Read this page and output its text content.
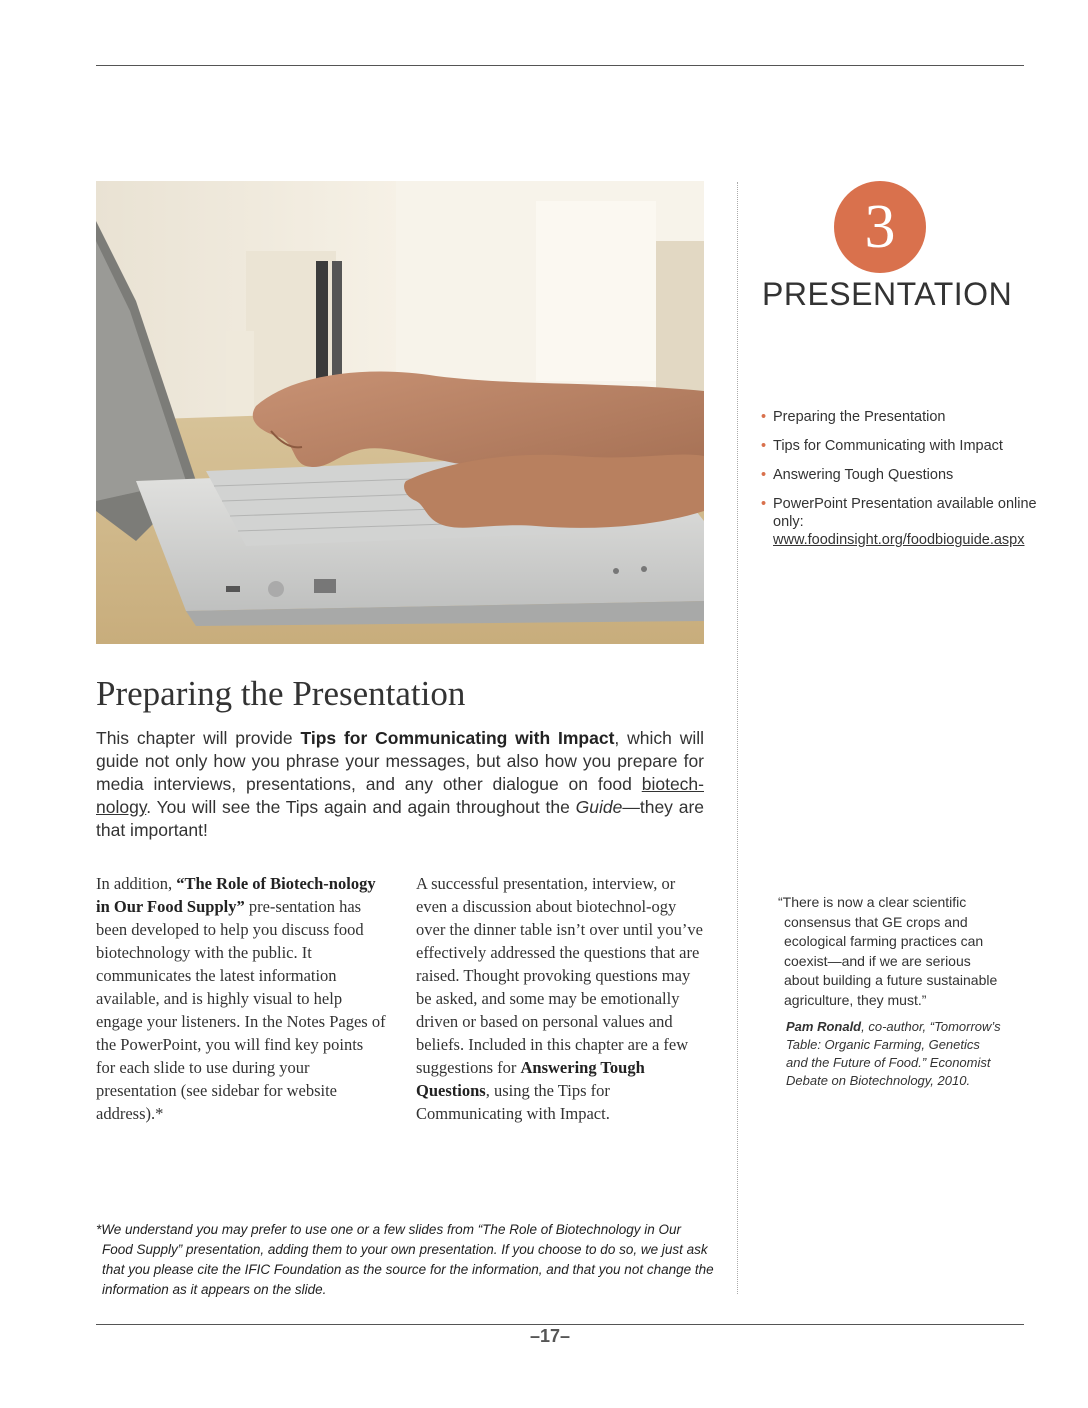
3
PRESENTATION
• Preparing the Presentation
• Tips for Communicating with Impact
• Answering Tough Questions
• PowerPoint Presentation available online only:
www.foodinsight.org/foodbioguide.aspx
Preparing the Presentation

This chapter will provide Tips for Communicating with Impact, which will guide not only how you phrase your messages, but also how you prepare for media interviews, presentations, and any other dialogue on food biotech-nology. You will see the Tips again and again throughout the Guide—they are that important!

In addition, “The Role of Biotech-nology in Our Food Supply” pre-sentation has been developed to help you discuss food biotechnology with the public. It communicates the latest information available, and is highly visual to help engage your listeners. In the Notes Pages of the PowerPoint, you will find key points for each slide to use during your presentation (see sidebar for website address).*

A successful presentation, interview, or even a discussion about biotechnol-ogy over the dinner table isn’t over until you’ve effectively addressed the questions that are raised. Thought provoking questions may be asked, and some may be emotionally driven or based on personal values and beliefs. Included in this chapter are a few suggestions for Answering Tough Questions, using the Tips for Communicating with Impact.

“There is now a clear scientific consensus that GE crops and ecological farming practices can coexist—and if we are serious about building a future sustainable agriculture, they must.”

Pam Ronald, co-author, “Tomorrow’s Table: Organic Farming, Genetics and the Future of Food.” Economist Debate on Biotechnology, 2010.

*We understand you may prefer to use one or a few slides from “The Role of Biotechnology in Our Food Supply” presentation, adding them to your own presentation. If you choose to do so, we just ask that you please cite the IFIC Foundation as the source for the information, and that you not change the information as it appears on the slide.

–17–
